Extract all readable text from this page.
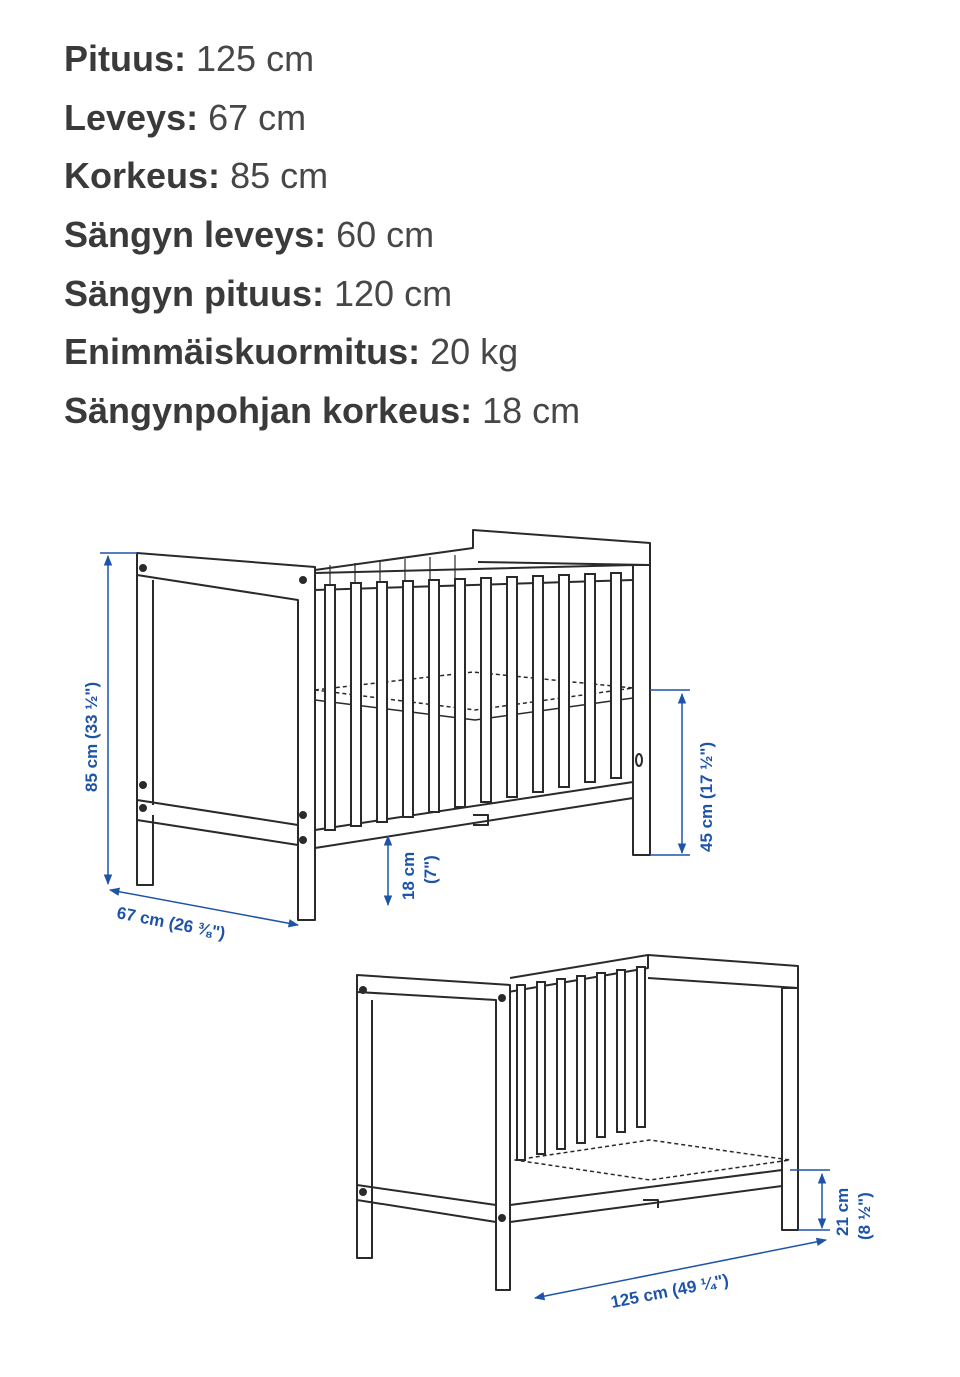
Pituus: 125 cm
Leveys: 67 cm
Korkeus: 85 cm
Sängyn leveys: 60 cm
Sängyn pituus: 120 cm
Enimmäiskuormitus: 20 kg
Sängynpohjan korkeus: 18 cm
85 cm (33 ½")
67 cm (26 ⅜")
18 cm (7")
45 cm (17 ½")
125 cm (49 ¼")
21 cm (8 ½")
